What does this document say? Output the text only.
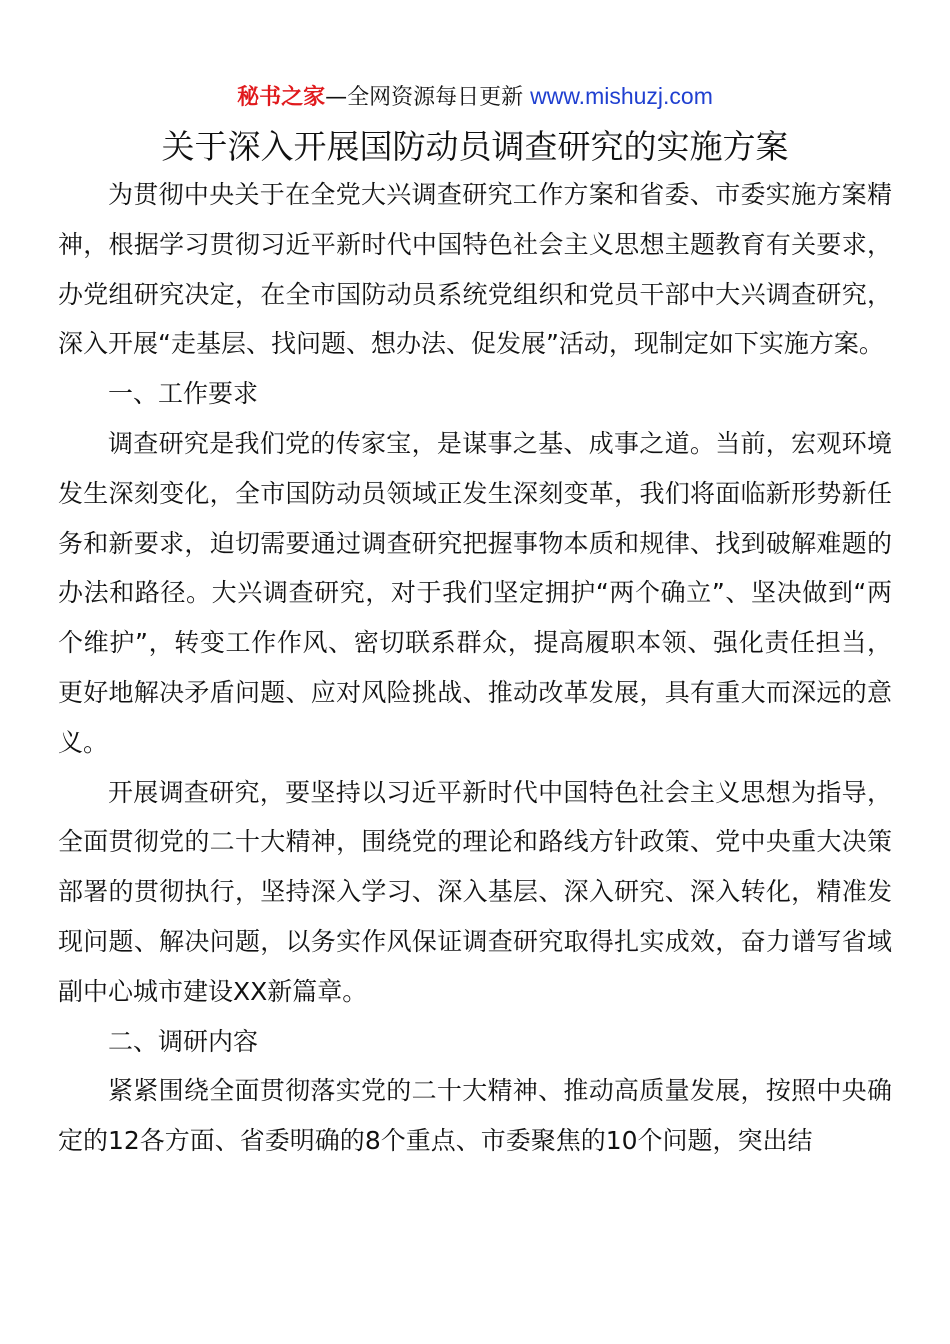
秘书之家—全网资源每日更新 www.mishuzj.com
关于深入开展国防动员调查研究的实施方案

为贯彻中央关于在全党大兴调查研究工作方案和省委、市委实施方案精神，根据学习贯彻习近平新时代中国特色社会主义思想主题教育有关要求，办党组研究决定，在全市国防动员系统党组织和党员干部中大兴调查研究，深入开展“走基层、找问题、想办法、促发展”活动，现制定如下实施方案。

一、工作要求

调查研究是我们党的传家宝，是谋事之基、成事之道。当前，宏观环境发生深刻变化，全市国防动员领域正发生深刻变革，我们将面临新形势新任务和新要求，迫切需要通过调查研究把握事物本质和规律、找到破解难题的办法和路径。大兴调查研究，对于我们坚定拥护“两个确立”、坚决做到“两个维护”，转变工作作风、密切联系群众，提高履职本领、强化责任担当，更好地解决矛盾问题、应对风险挑战、推动改革发展，具有重大而深远的意义。

开展调查研究，要坚持以习近平新时代中国特色社会主义思想为指导，全面贯彻党的二十大精神，围绕党的理论和路线方针政策、党中央重大决策部署的贯彻执行，坚持深入学习、深入基层、深入研究、深入转化，精准发现问题、解决问题，以务实作风保证调查研究取得扎实成效，奋力谱写省域副中心城市建设XX新篇章。

二、调研内容

紧紧围绕全面贯彻落实党的二十大精神、推动高质量发展，按照中央确定的12各方面、省委明确的8个重点、市委聚焦的10个问题，突出结
